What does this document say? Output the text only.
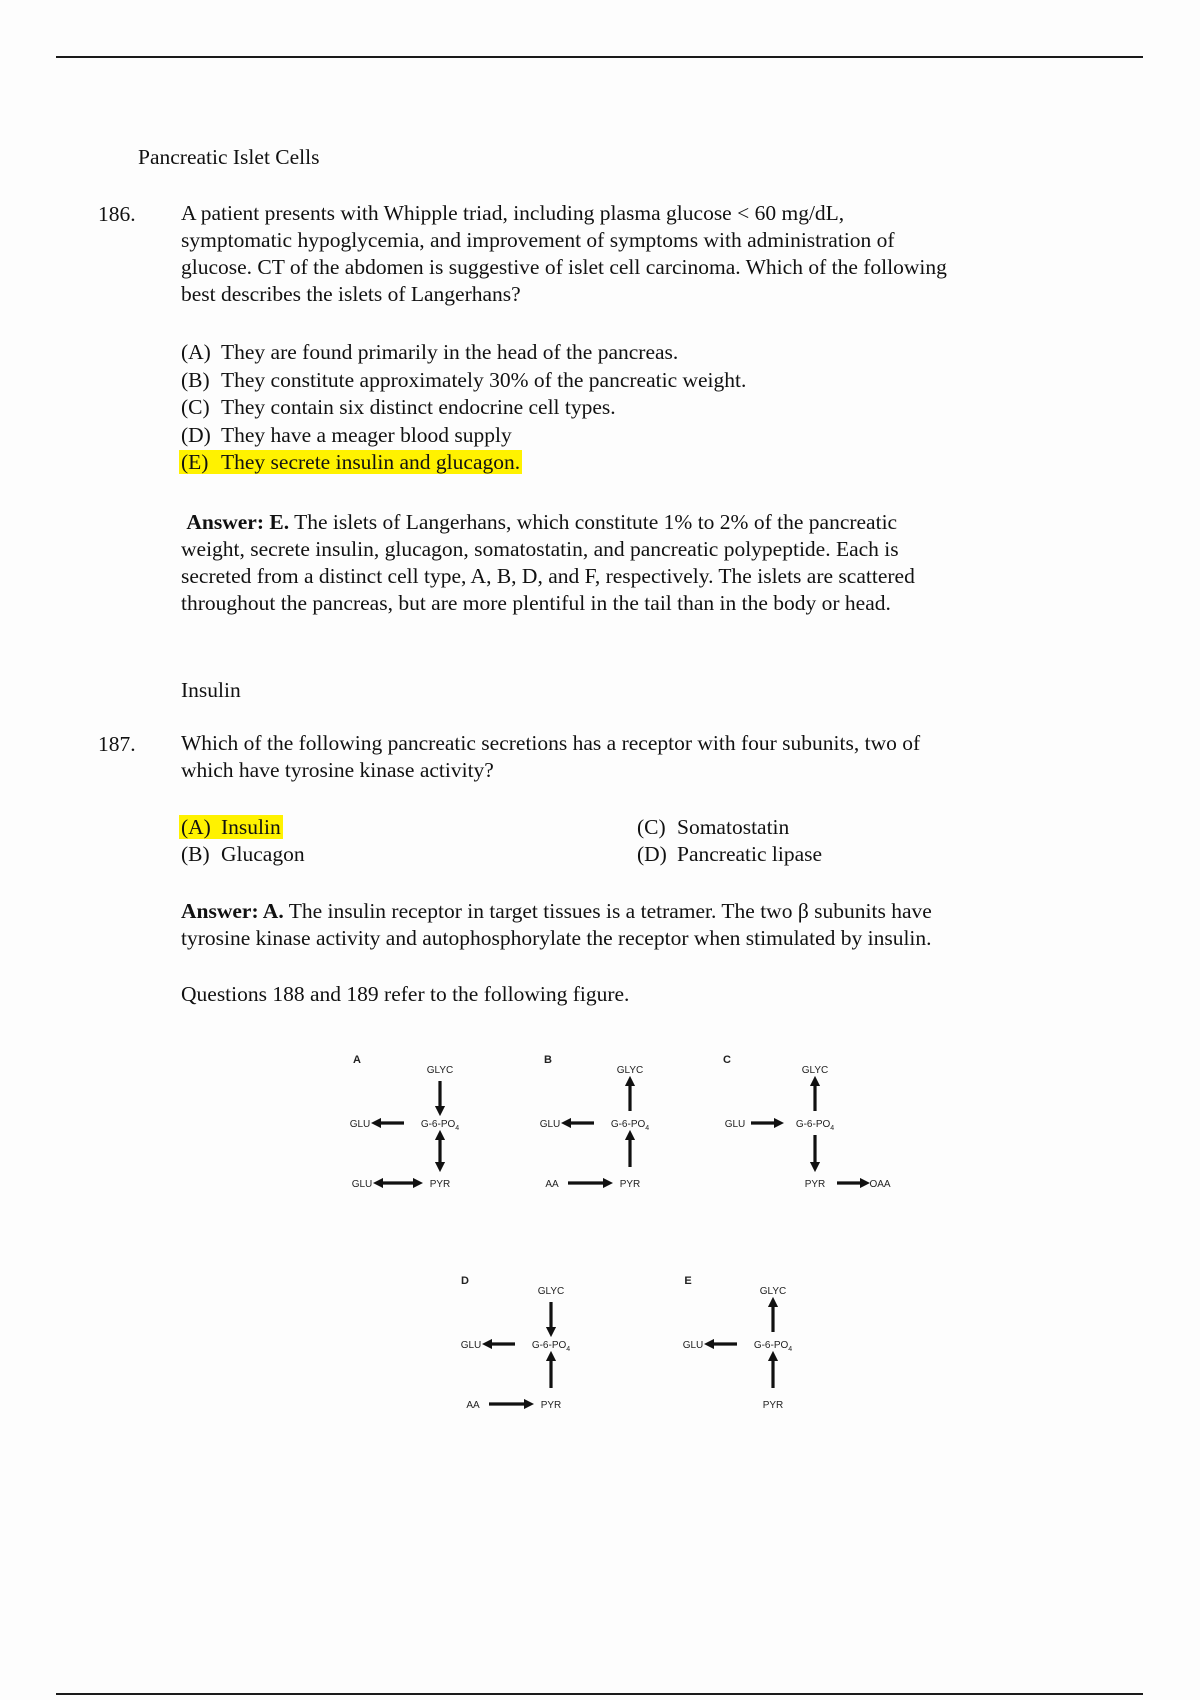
Pancreatic Islet Cells
186. A patient presents with Whipple triad, including plasma glucose < 60 mg/dL,
symptomatic hypoglycemia, and improvement of symptoms with administration of
glucose. CT of the abdomen is suggestive of islet cell carcinoma. Which of the following
best describes the islets of Langerhans?
(A) They are found primarily in the head of the pancreas.
(B) They constitute approximately 30% of the pancreatic weight.
(C) They contain six distinct endocrine cell types.
(D) They have a meager blood supply
(E) They secrete insulin and glucagon.
Answer: E. The islets of Langerhans, which constitute 1% to 2% of the pancreatic
weight, secrete insulin, glucagon, somatostatin, and pancreatic polypeptide. Each is
secreted from a distinct cell type, A, B, D, and F, respectively. The islets are scattered
throughout the pancreas, but are more plentiful in the tail than in the body or head.
Insulin
187. Which of the following pancreatic secretions has a receptor with four subunits, two of
which have tyrosine kinase activity?
(A) Insulin
(B) Glucagon
(C) Somatostatin
(D) Pancreatic lipase
Answer: A. The insulin receptor in target tissues is a tetramer. The two β subunits have
tyrosine kinase activity and autophosphorylate the receptor when stimulated by insulin.
Questions 188 and 189 refer to the following figure.
A
GLYC
$G-6-PO_4$
PYR
GLU
GLU
B
GLYC
$G-6-PO_4$
PYR
GLU
AA
C
GLYC
$G-6-PO_4$
PYR
GLU
OAA
D
GLYC
$G-6-PO_4$
PYR
GLU
AA
E
GLYC
$G-6-PO_4$
PYR
GLU
